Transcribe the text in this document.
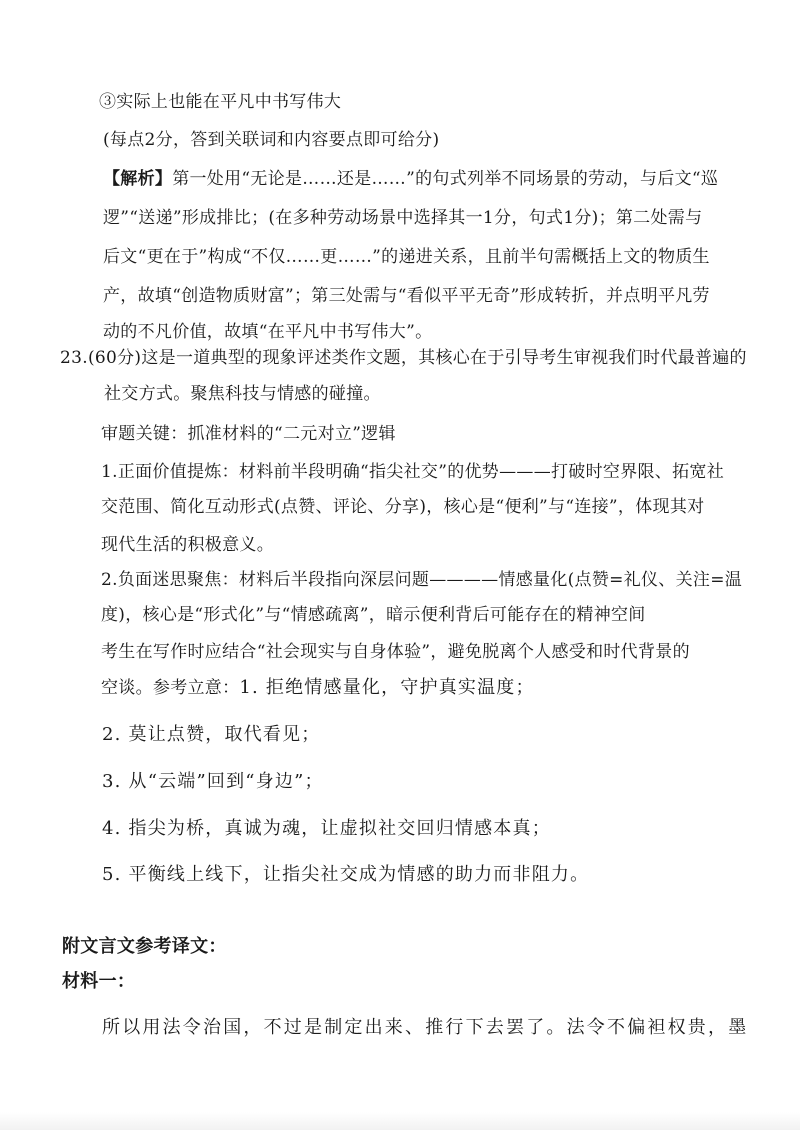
③实际上也能在平凡中书写伟大
(每点2分，答到关联词和内容要点即可给分)
【解析】第一处用“无论是……还是……”的句式列举不同场景的劳动，与后文“巡
逻”“送递”形成排比；(在多种劳动场景中选择其一1分，句式1分)；第二处需与
后文“更在于”构成“不仅……更……”的递进关系，且前半句需概括上文的物质生
产，故填“创造物质财富”；第三处需与“看似平平无奇”形成转折，并点明平凡劳
动的不凡价值，故填“在平凡中书写伟大”。
23.(60分)这是一道典型的现象评述类作文题，其核心在于引导考生审视我们时代最普遍的
社交方式。聚焦科技与情感的碰撞。
审题关键：抓准材料的“二元对立”逻辑
1.正面价值提炼：材料前半段明确“指尖社交”的优势———打破时空界限、拓宽社
交范围、简化互动形式(点赞、评论、分享)，核心是“便利”与“连接”，体现其对
现代生活的积极意义。
2.负面迷思聚焦：材料后半段指向深层问题————情感量化(点赞=礼仪、关注=温
度)，核心是“形式化”与“情感疏离”，暗示便利背后可能存在的精神空间
考生在写作时应结合“社会现实与自身体验”，避免脱离个人感受和时代背景的
空谈。参考立意：1. 拒绝情感量化，守护真实温度；
2. 莫让点赞，取代看见；
3. 从“云端”回到“身边”；
4. 指尖为桥，真诚为魂，让虚拟社交回归情感本真；
5. 平衡线上线下，让指尖社交成为情感的助力而非阻力。
附文言文参考译文：
材料一：
所以用法令治国，不过是制定出来、推行下去罢了。法令不偏袒权贵，墨
